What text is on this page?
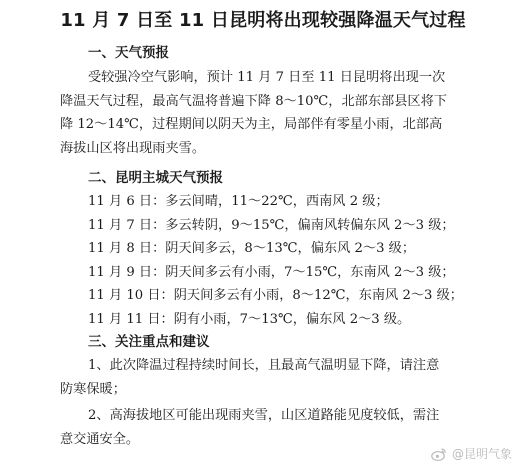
11 月 7 日至 11 日昆明将出现较强降温天气过程
一、天气预报
受较强冷空气影响，预计 11 月 7 日至 11 日昆明将出现一次
降温天气过程，最高气温将普遍下降 8～10℃，北部东部县区将下
降 12～14℃，过程期间以阴天为主，局部伴有零星小雨，北部高
海拔山区将出现雨夹雪。
二、昆明主城天气预报
11 月 6 日：多云间晴，11～22℃，西南风 2 级；
11 月 7 日：多云转阴，9～15℃，偏南风转偏东风 2～3 级；
11 月 8 日：阴天间多云，8～13℃，偏东风 2～3 级；
11 月 9 日：阴天间多云有小雨，7～15℃，东南风 2～3 级；
11 月 10 日：阴天间多云有小雨，8～12℃，东南风 2～3 级；
11 月 11 日：阴有小雨，7～13℃，偏东风 2～3 级。
三、关注重点和建议
1、此次降温过程持续时间长，且最高气温明显下降，请注意
防寒保暖；
2、高海拔地区可能出现雨夹雪，山区道路能见度较低，需注
意交通安全。
@昆明气象
